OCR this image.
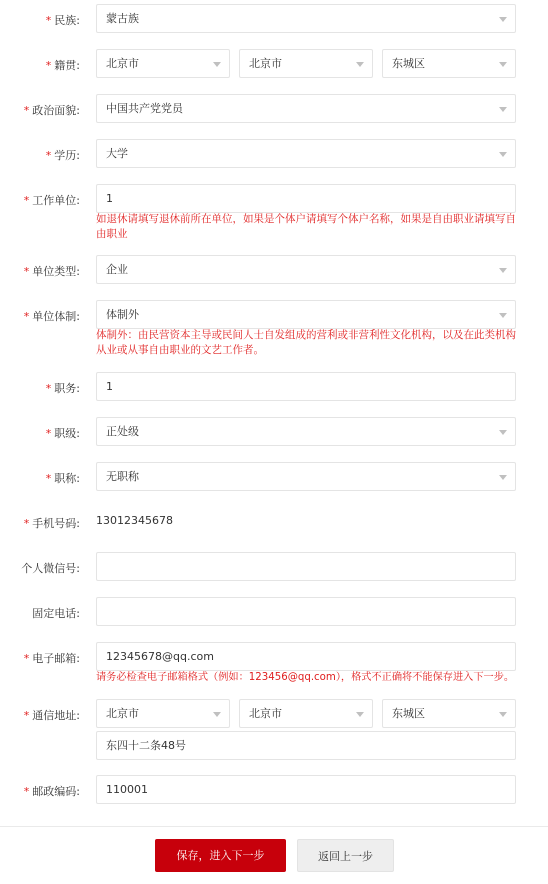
* 民族: 蒙古族
* 籍贯: 北京市	北京市	东城区
* 政治面貌: 中国共产党党员
* 学历: 大学
* 工作单位: 1
如退休请填写退休前所在单位，如果是个体户请填写个体户名称，如果是自由职业请填写自由职业
* 单位类型: 企业
* 单位体制: 体制外
体制外：由民营资本主导或民间人士自发组成的营利或非营利性文化机构，以及在此类机构从业或从事自由职业的文艺工作者。
* 职务: 1
* 职级: 正处级
* 职称: 无职称
* 手机号码: 13012345678
个人微信号:
固定电话:
* 电子邮箱: 12345678@qq.com
请务必检查电子邮箱格式（例如：123456@qq.com），格式不正确将不能保存进入下一步。
* 通信地址: 北京市	北京市	东城区
东四十二条48号
* 邮政编码: 110001
保存，进入下一步	返回上一步
